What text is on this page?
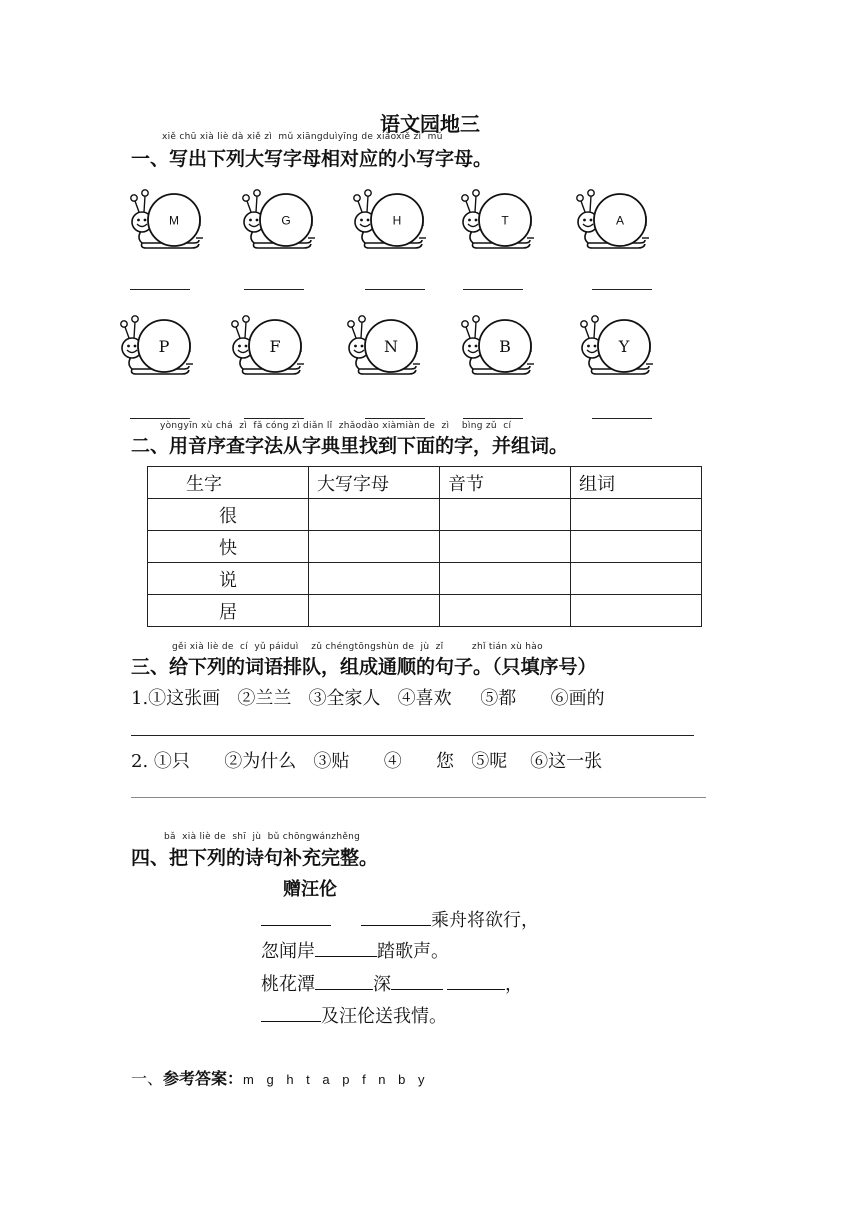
语文园地三
xiě chū xià liè dà xiě zì  mǔ xiāngduìyīng de xiǎoxiě zì  mǔ
一、写出下列大写字母相对应的小写字母。
M	G	H	T	A
P	F	N	B	Y
yòngyīn xù chá  zì  fǎ cóng zì diǎn lǐ  zhǎodào xiàmiàn de  zì    bìng zǔ  cí
二、用音序查字法从字典里找到下面的字，并组词。
生字	大写字母	音节	组词
很			
快			
说			
居			
gěi xià liè de  cí  yǔ páiduì    zǔ chéngtōngshùn de  jù  zǐ         zhǐ tián xù hào
三、给下列的词语排队，组成通顺的句子。（只填序号）
1.①这张画   ②兰兰   ③全家人   ④喜欢     ⑤都      ⑥画的
2. ①只      ②为什么   ③贴      ④      您   ⑤呢    ⑥这一张
bǎ  xià liè de  shī  jù  bǔ chōngwánzhěng
四、把下列的诗句补充完整。
赠汪伦
乘舟将欲行，
忽闻岸	踏歌声。
桃花潭	深	，
及汪伦送我情。
一、参考答案：m g h t a p f n b y
